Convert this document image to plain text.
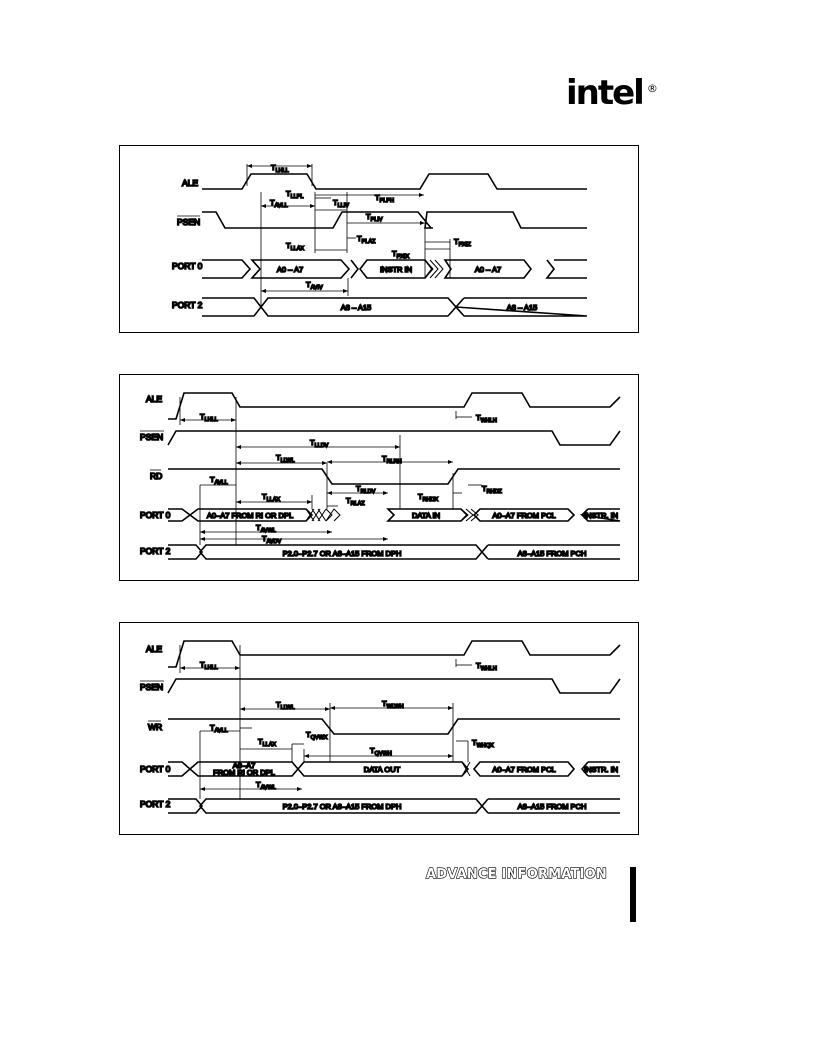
intel ®
ALE
PSEN
PORT 0
PORT 2
A0 – A7	INSTR IN	A0 – A7
A8 – A15	A8 – A15
$T_{LHLL}$
$T_{LLPL}$
$T_{AVLL}$	$T_{LLIV}$
$T_{PLPH}$
$T_{PLIV}$
$T_{LLAX}$
$T_{PLAZ}$
$T_{PXIX}$
$T_{PXIZ}$
$T_{AVIV}$
ALE
PSEN
RD
PORT 0
PORT 2
A0–A7 FROM RI OR DPL	DATA IN	A0–A7 FROM PCL	INSTR. IN
P2.0–P2.7 OR A8–A15 FROM DPH	A8–A15 FROM PCH
$T_{LHLL}$	$T_{WHLH}$
$T_{LLDV}$
$T_{LLWL}$	$T_{RLRH}$
$T_{AVLL}$
$T_{LLAX}$
$T_{RLDV}$
$T_{RLAZ}$
$T_{RHDX}$
$T_{RHDZ}$
$T_{AVWL}$
$T_{AVDV}$
ALE
PSEN
WR
PORT 0
PORT 2
A0–A7
FROM RI OR DPL	DATA OUT	A0–A7 FROM PCL	INSTR. IN
P2.0–P2.7 OR A8–A15 FROM DPH	A8–A15 FROM PCH
$T_{LHLL}$	$T_{WHLH}$
$T_{LLWL}$	$T_{WLWH}$
$T_{AVLL}$
$T_{LLAX}$
$T_{QVWX}$
$T_{QVWH}$
$T_{WHQX}$
$T_{AVWL}$
ADVANCE INFORMATION
